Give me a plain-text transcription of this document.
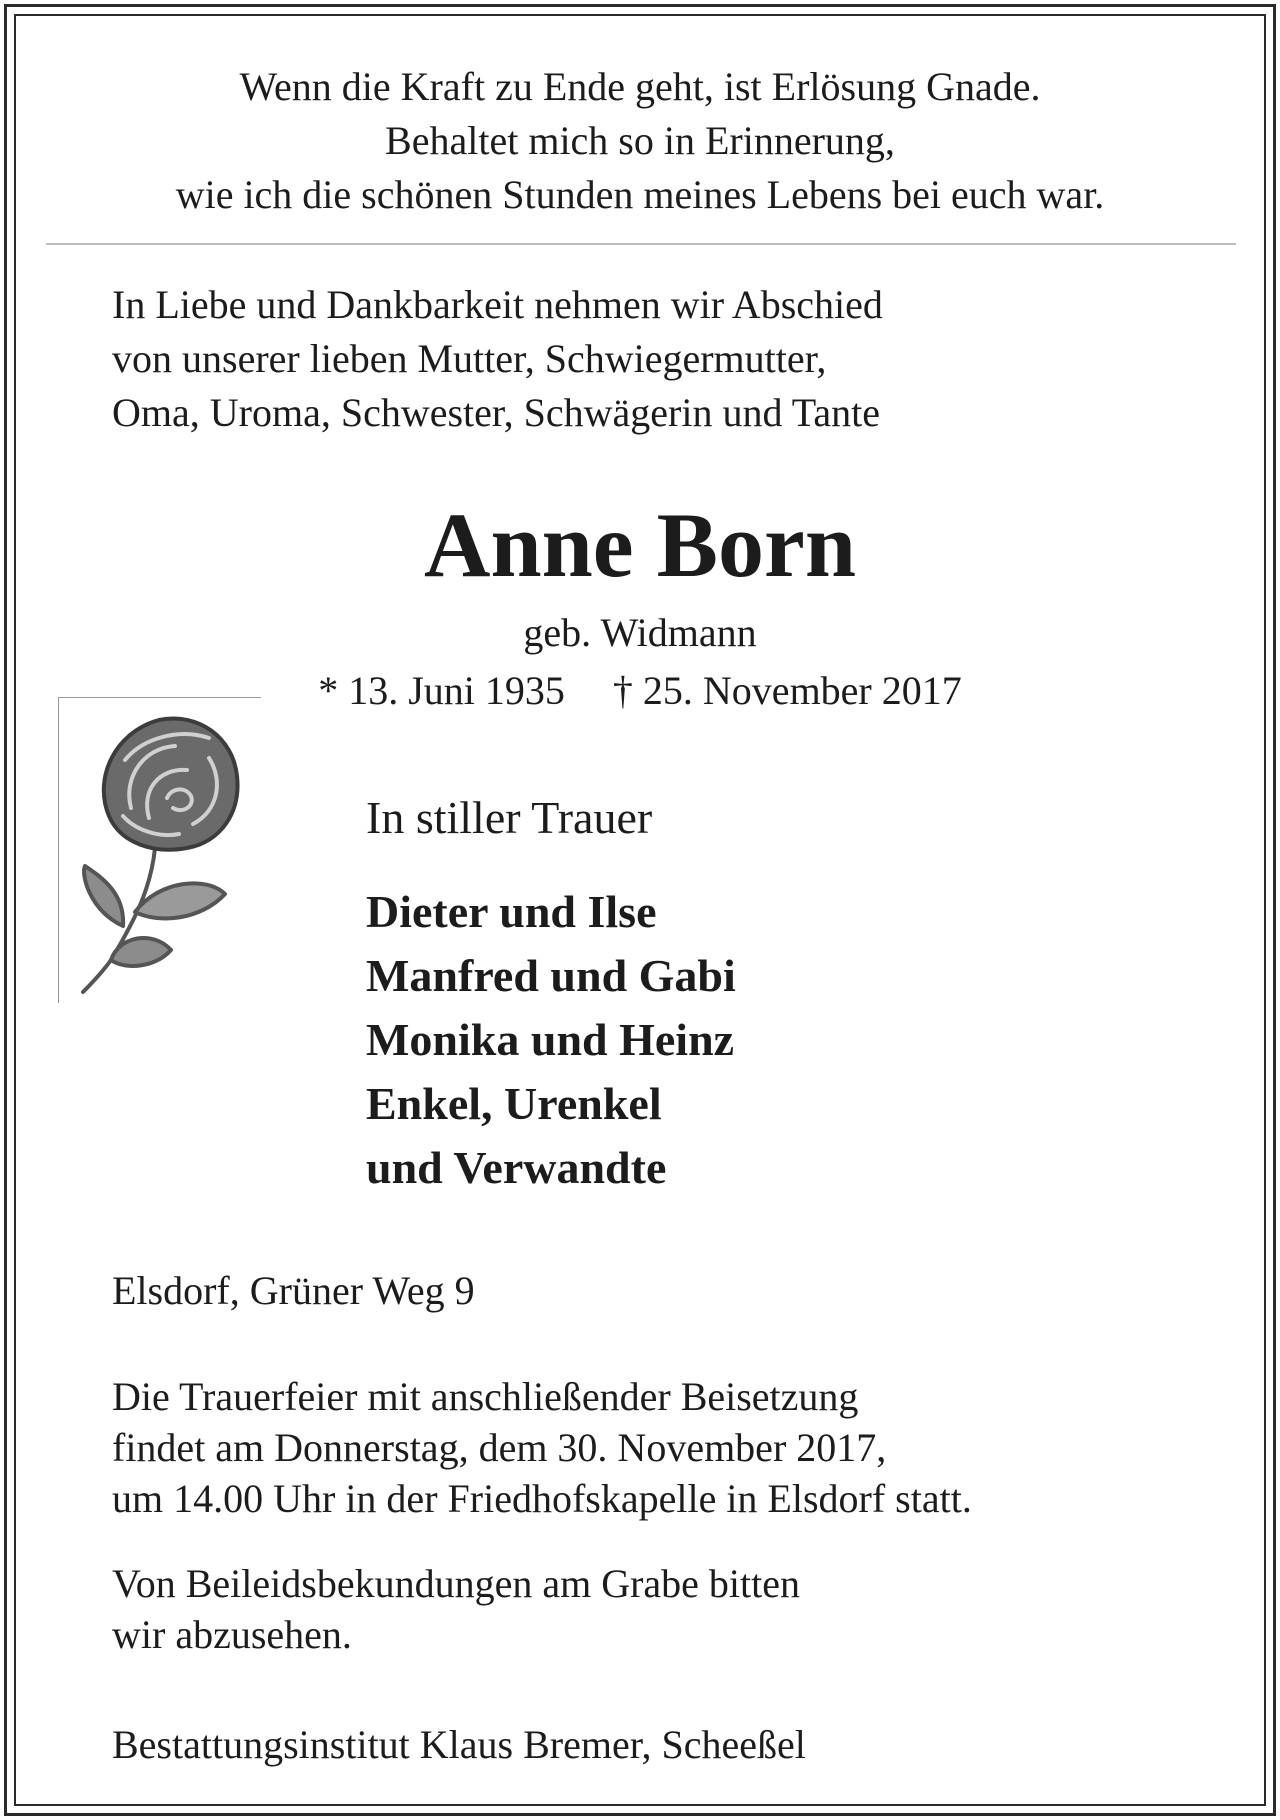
Wenn die Kraft zu Ende geht, ist Erlösung Gnade.
Behaltet mich so in Erinnerung,
wie ich die schönen Stunden meines Lebens bei euch war.
In Liebe und Dankbarkeit nehmen wir Abschied
von unserer lieben Mutter, Schwiegermutter,
Oma, Uroma, Schwester, Schwägerin und Tante
Anne Born
geb. Widmann
* 13. Juni 1935 † 25. November 2017
In stiller Trauer
Dieter und Ilse
Manfred und Gabi
Monika und Heinz
Enkel, Urenkel
und Verwandte
Elsdorf, Grüner Weg 9
Die Trauerfeier mit anschließender Beisetzung
findet am Donnerstag, dem 30. November 2017,
um 14.00 Uhr in der Friedhofskapelle in Elsdorf statt.
Von Beileidsbekundungen am Grabe bitten
wir abzusehen.
Bestattungsinstitut Klaus Bremer, Scheeßel
